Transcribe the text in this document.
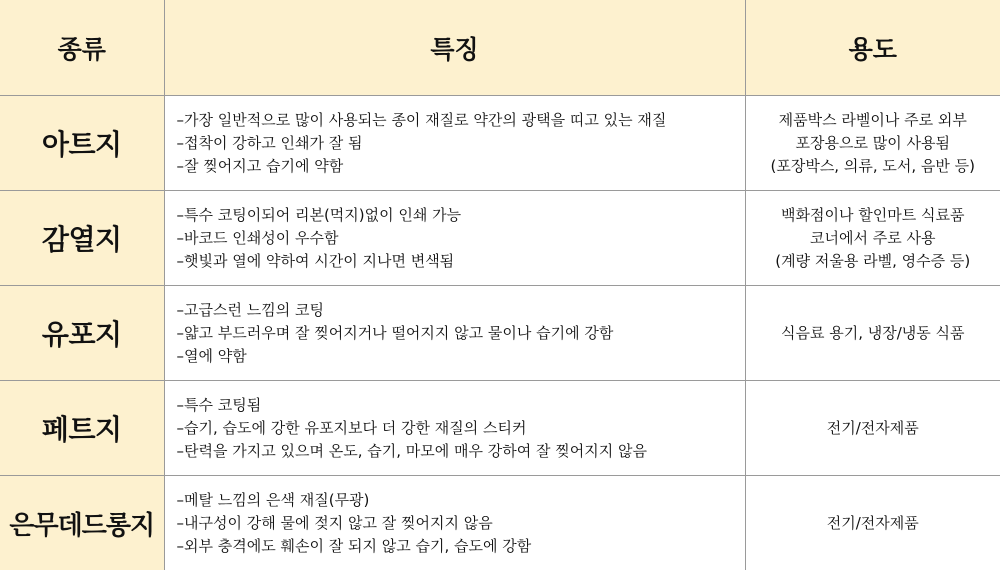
종류	특징	용도
아트지	–가장 일반적으로 많이 사용되는 종이 재질로 약간의 광택을 띠고 있는 재질
–접착이 강하고 인쇄가 잘 됨
–잘 찢어지고 습기에 약함	제품박스 라벨이나 주로 외부
포장용으로 많이 사용됨
(포장박스, 의류, 도서, 음반 등)

감열지	–특수 코팅이되어 리본(먹지)없이 인쇄 가능
–바코드 인쇄성이 우수함
–햇빛과 열에 약하여 시간이 지나면 변색됨	백화점이나 할인마트 식료품
코너에서 주로 사용
(계량 저울용 라벨, 영수증 등)

유포지	–고급스런 느낌의 코팅
–얇고 부드러우며 잘 찢어지거나 떨어지지 않고 물이나 습기에 강함
–열에 약함	식음료 용기, 냉장/냉동 식품

페트지	–특수 코팅됨
–습기, 습도에 강한 유포지보다 더 강한 재질의 스티커
–탄력을 가지고 있으며 온도, 습기, 마모에 매우 강하여 잘 찢어지지 않음	전기/전자제품

은무데드롱지	–메탈 느낌의 은색 재질(무광)
–내구성이 강해 물에 젖지 않고 잘 찢어지지 않음
–외부 충격에도 훼손이 잘 되지 않고 습기, 습도에 강함	전기/전자제품
